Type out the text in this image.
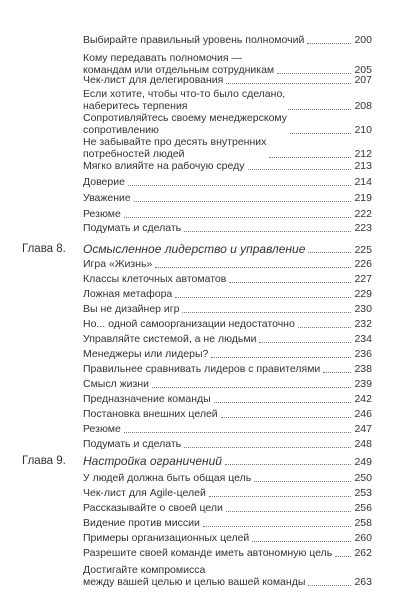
Выбирайте правильный уровень полномочий	200
Кому передавать полномочия —
командам или отдельным сотрудникам	205
Чек-лист для делегирования	207
Если хотите, чтобы что-то было сделано,
наберитесь терпения	208
Сопротивляйтесь своему менеджерскому
сопротивлению	210
Не забывайте про десять внутренних
потребностей людей	212
Мягко влияйте на рабочую среду	213
Доверие	214
Уважение	219
Резюме	222
Подумать и сделать	223
Глава 8. Осмысленное лидерство и управление	225
Игра «Жизнь»	226
Классы клеточных автоматов	227
Ложная метафора	229
Вы не дизайнер игр	230
Но... одной самоорганизации недостаточно	232
Управляйте системой, а не людьми	234
Менеджеры или лидеры?	236
Правильнее сравнивать лидеров с правителями	238
Смысл жизни	239
Предназначение команды	242
Постановка внешних целей	246
Резюме	247
Подумать и сделать	248
Глава 9. Настройка ограничений	249
У людей должна быть общая цель	250
Чек-лист для Agile-целей	253
Рассказывайте о своей цели	256
Видение против миссии	258
Примеры организационных целей	260
Разрешите своей команде иметь автономную цель 262
Достигайте компромисса
между вашей целью и целью вашей команды	263
